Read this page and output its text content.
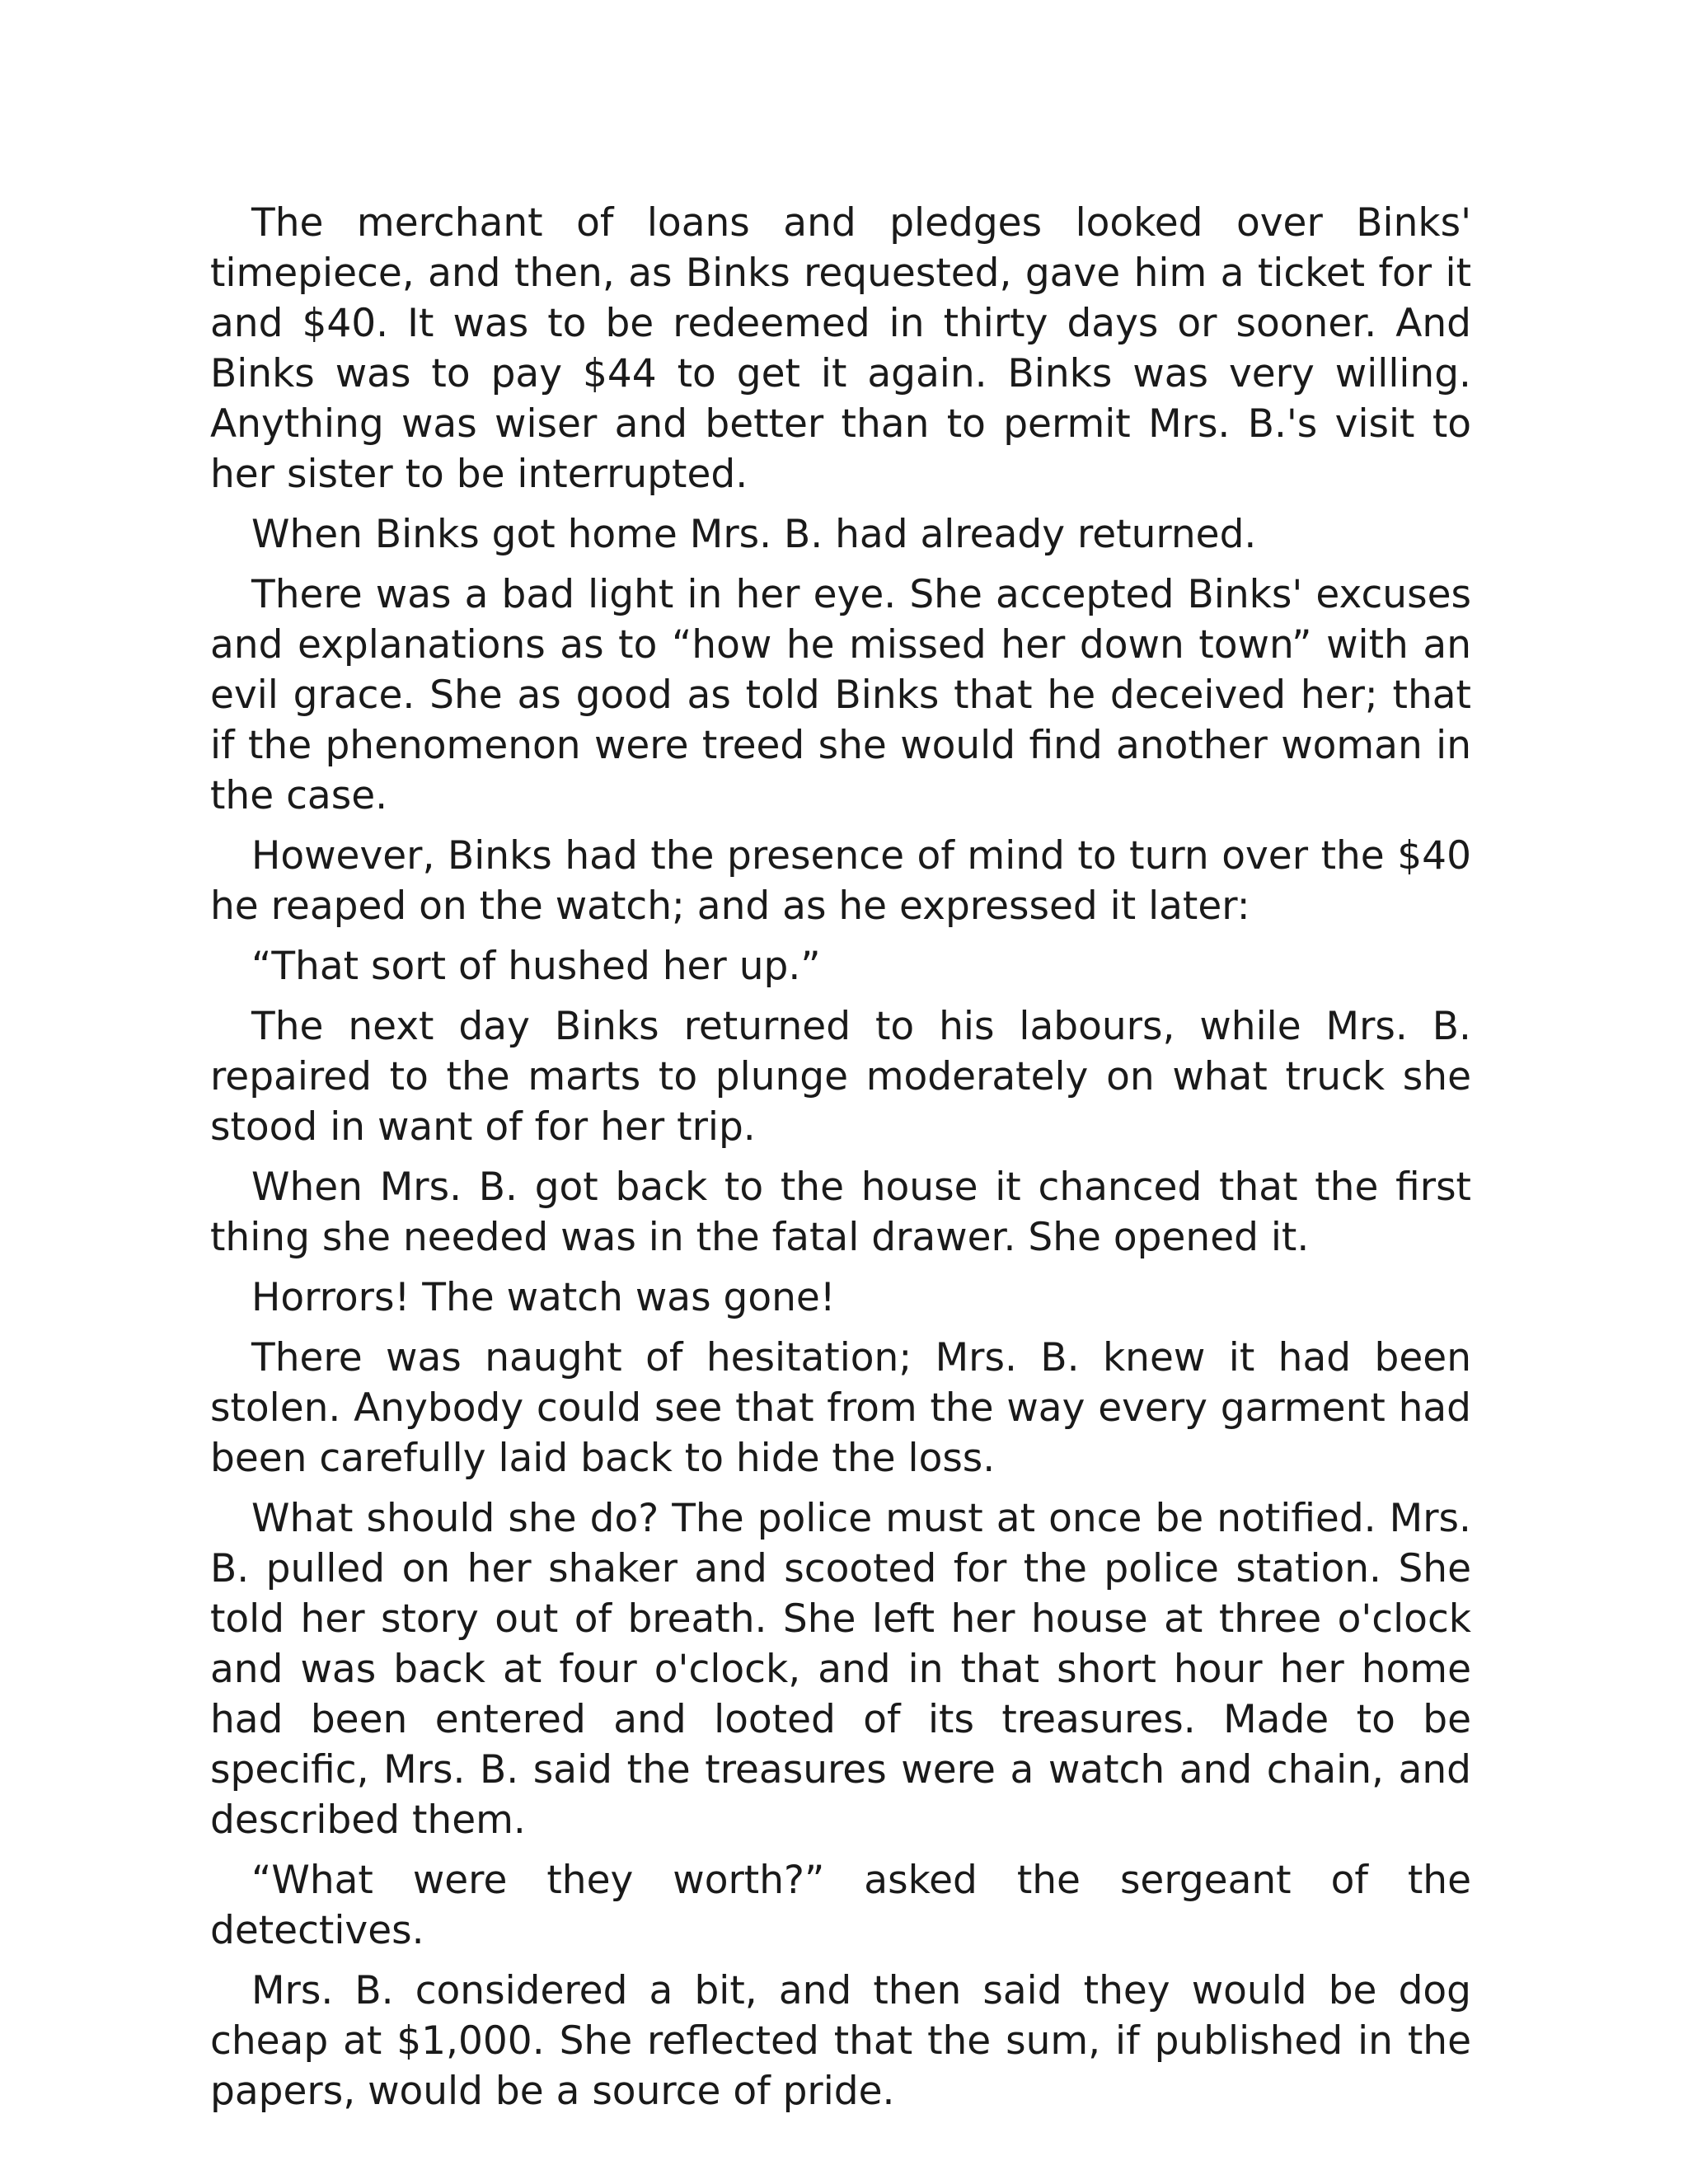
The merchant of loans and pledges looked over Binks' timepiece, and then, as Binks requested, gave him a ticket for it and $40. It was to be redeemed in thirty days or sooner. And Binks was to pay $44 to get it again. Binks was very willing. Anything was wiser and better than to permit Mrs. B.'s visit to her sister to be interrupted.

When Binks got home Mrs. B. had already returned.

There was a bad light in her eye. She accepted Binks' excuses and explanations as to “how he missed her down town” with an evil grace. She as good as told Binks that he deceived her; that if the phenomenon were treed she would find another woman in the case.

However, Binks had the presence of mind to turn over the $40 he reaped on the watch; and as he expressed it later:

“That sort of hushed her up.”

The next day Binks returned to his labours, while Mrs. B. repaired to the marts to plunge moderately on what truck she stood in want of for her trip.

When Mrs. B. got back to the house it chanced that the first thing she needed was in the fatal drawer. She opened it.

Horrors! The watch was gone!

There was naught of hesitation; Mrs. B. knew it had been stolen. Anybody could see that from the way every garment had been carefully laid back to hide the loss.

What should she do? The police must at once be notified. Mrs. B. pulled on her shaker and scooted for the police station. She told her story out of breath. She left her house at three o'clock and was back at four o'clock, and in that short hour her home had been entered and looted of its treasures. Made to be specific, Mrs. B. said the treasures were a watch and chain, and described them.

“What were they worth?” asked the sergeant of the detectives.

Mrs. B. considered a bit, and then said they would be dog cheap at $1,000. She reflected that the sum, if published in the papers, would be a source of pride.
